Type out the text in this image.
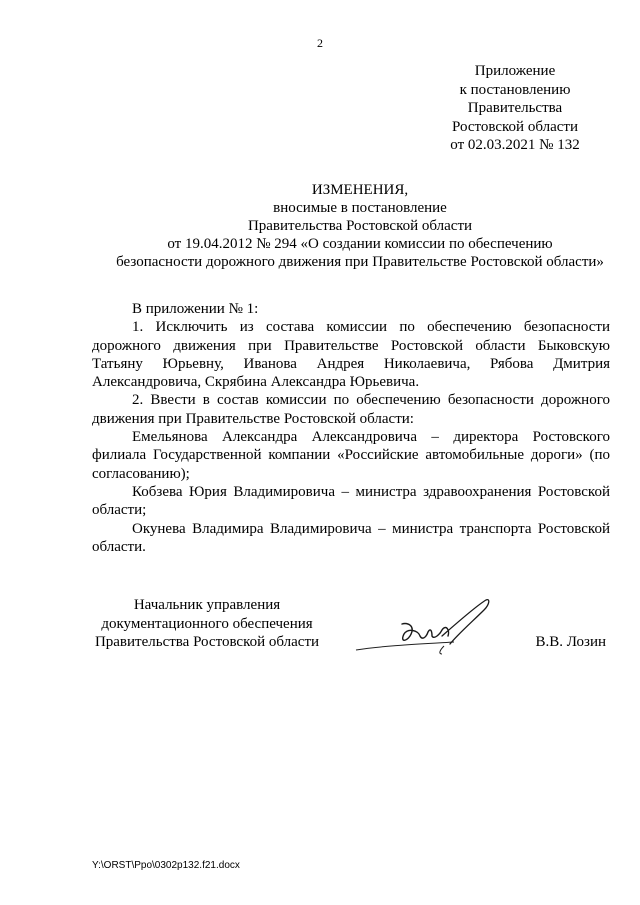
2
Приложение
к постановлению
Правительства
Ростовской области
от 02.03.2021 № 132
ИЗМЕНЕНИЯ,
вносимые в постановление
Правительства Ростовской области
от 19.04.2012 № 294 «О создании комиссии по обеспечению
безопасности дорожного движения при Правительстве Ростовской области»

В приложении № 1:

1. Исключить из состава комиссии по обеспечению безопасности дорожного движения при Правительстве Ростовской области Быковскую Татьяну Юрьевну, Иванова Андрея Николаевича, Рябова Дмитрия Александровича, Скрябина Александра Юрьевича.

2. Ввести в состав комиссии по обеспечению безопасности дорожного движения при Правительстве Ростовской области:

Емельянова Александра Александровича – директора Ростовского филиала Государственной компании «Российские автомобильные дороги» (по согласованию);

Кобзева Юрия Владимировича – министра здравоохранения Ростовской области;

Окунева Владимира Владимировича – министра транспорта Ростовской области.

Начальник управления
документационного обеспечения
Правительства Ростовской области	В.В. Лозин
Y:\ORST\Ppo\0302p132.f21.docx
